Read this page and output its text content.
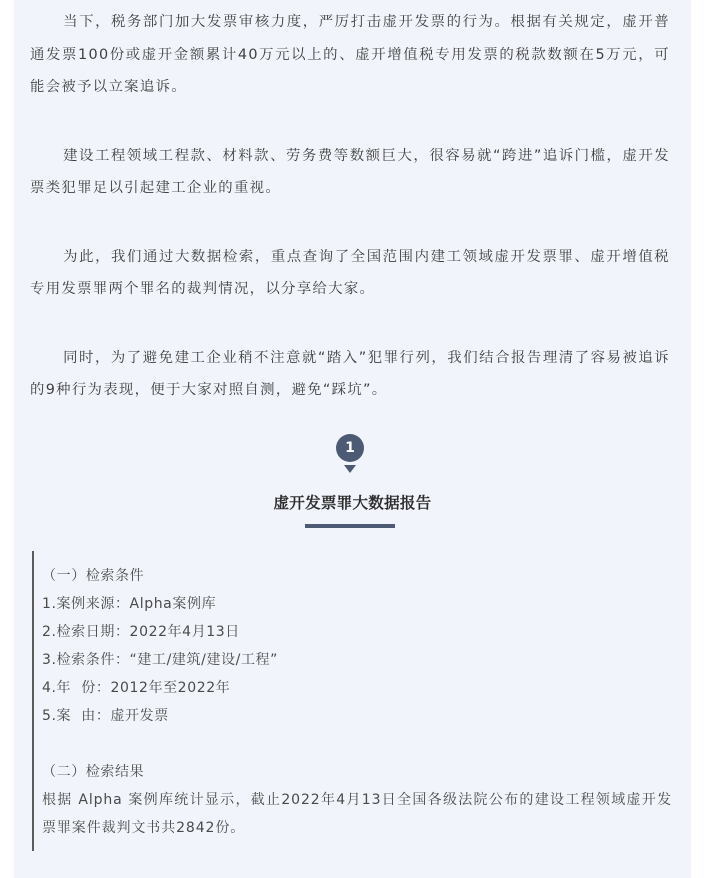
当下，税务部门加大发票审核力度，严厉打击虚开发票的行为。根据有关规定，虚开普通发票100份或虚开金额累计40万元以上的、虚开增值税专用发票的税款数额在5万元，可能会被予以立案追诉。

建设工程领域工程款、材料款、劳务费等数额巨大，很容易就“跨进”追诉门槛，虚开发票类犯罪足以引起建工企业的重视。

为此，我们通过大数据检索，重点查询了全国范围内建工领域虚开发票罪、虚开增值税专用发票罪两个罪名的裁判情况，以分享给大家。

同时，为了避免建工企业稍不注意就“踏入”犯罪行列，我们结合报告理清了容易被追诉的9种行为表现，便于大家对照自测，避免“踩坑”。

1
虚开发票罪大数据报告
（一）检索条件
1.案例来源：Alpha案例库
2.检索日期：2022年4月13日
3.检索条件：“建工/建筑/建设/工程”
4.年  份：2012年至2022年
5.案  由：虚开发票
（二）检索结果
根据 Alpha 案例库统计显示，截止2022年4月13日全国各级法院公布的建设工程领域虚开发票罪案件裁判文书共2842份。
